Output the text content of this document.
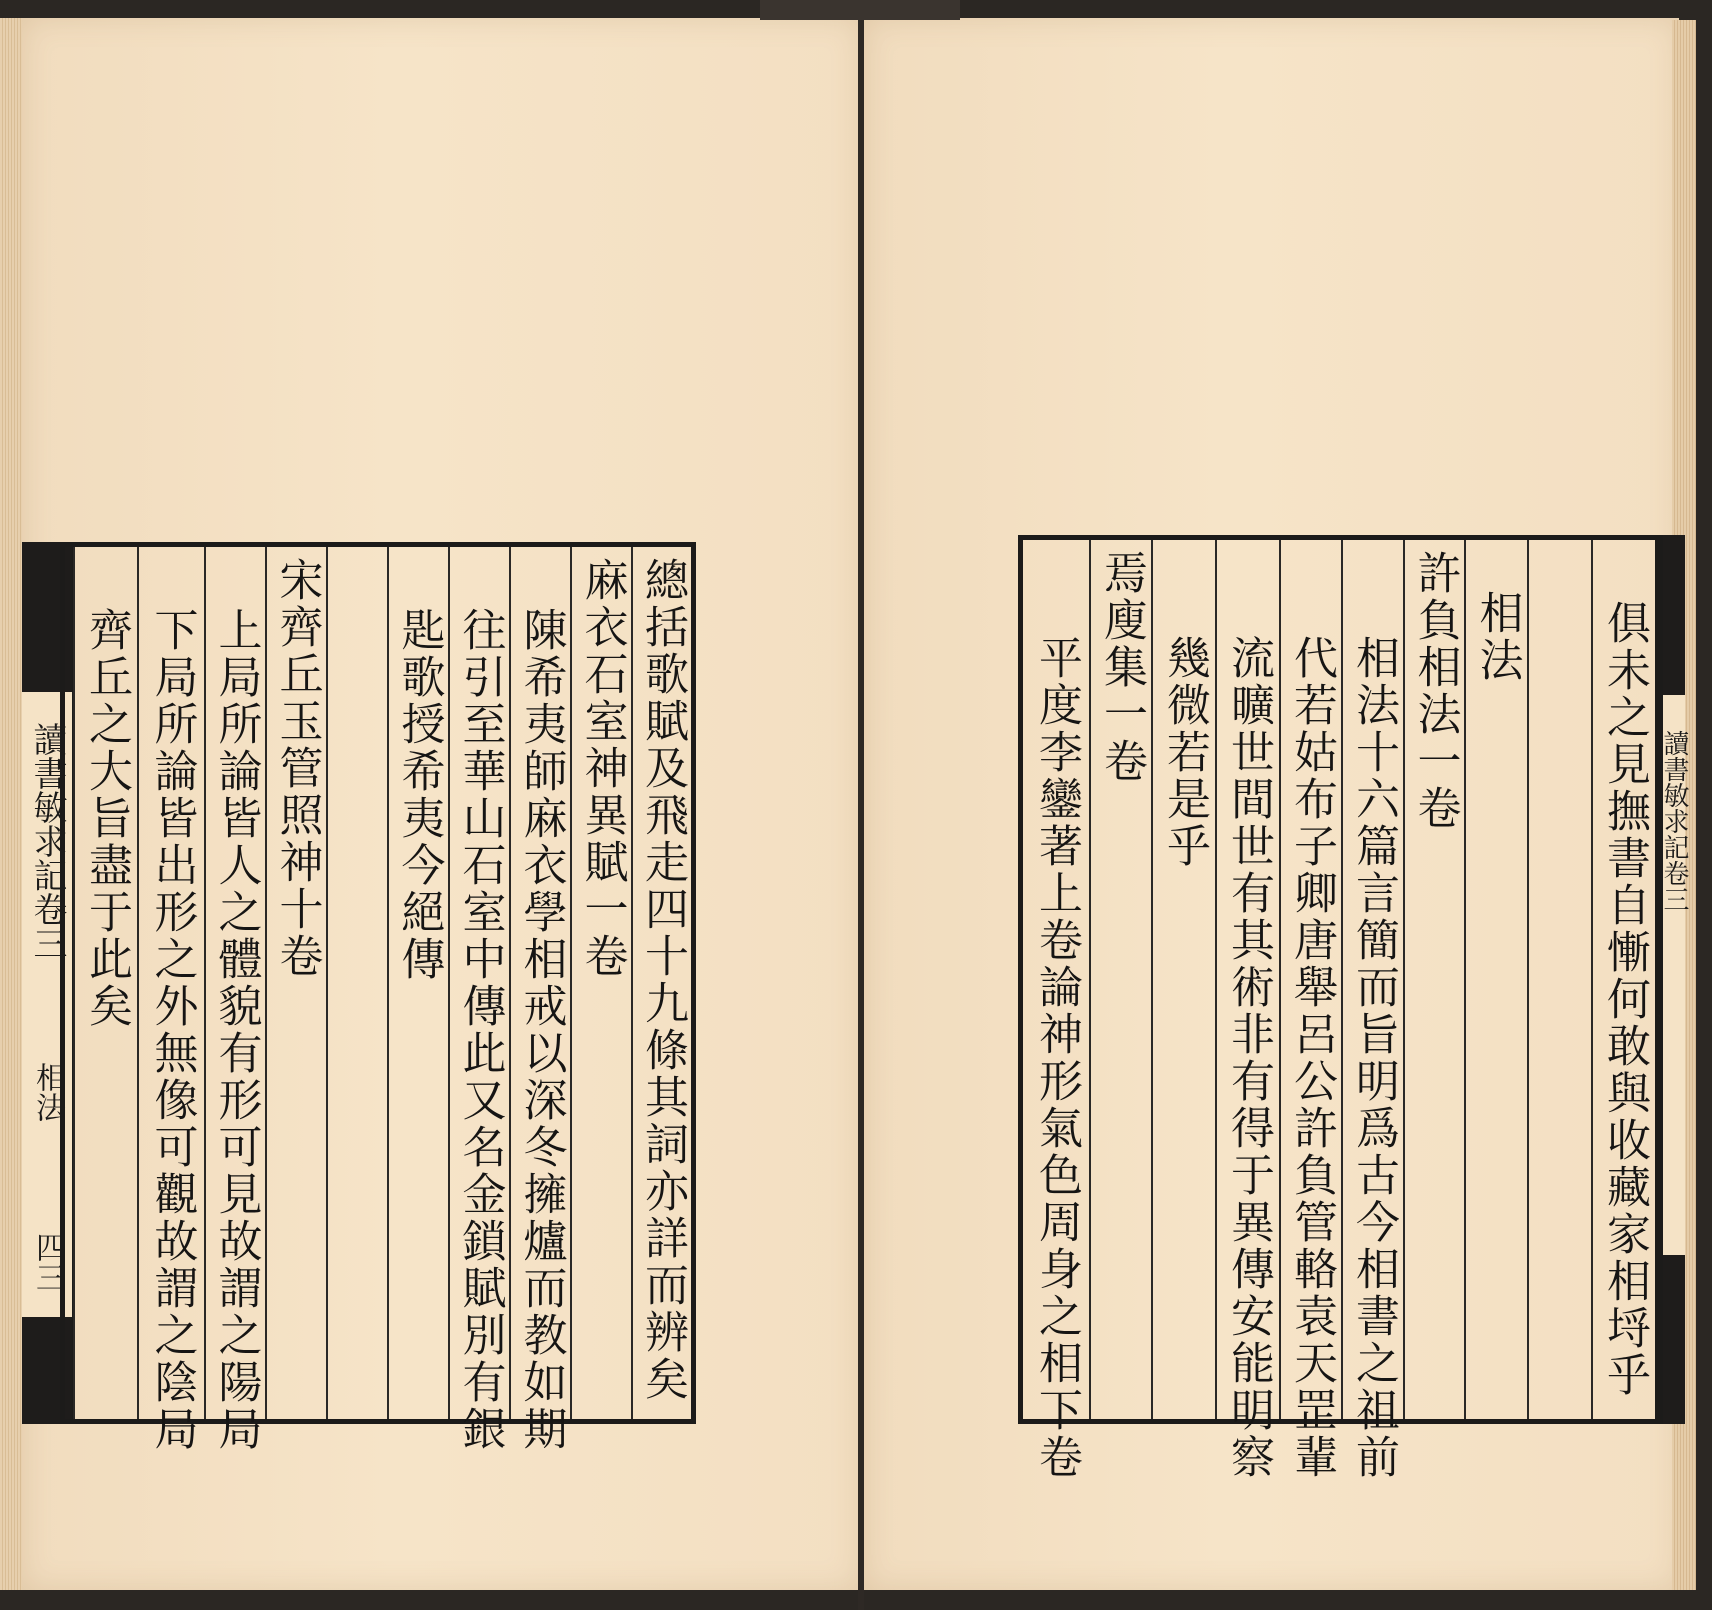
讀書敏求記卷三
相法
四三	總括歌賦及飛走四十九條其詞亦詳而辨矣
麻衣石室神異賦一卷
陳希夷師麻衣學相戒以深冬擁爐而教如期
往引至華山石室中傳此又名金鎖賦別有銀
匙歌授希夷今絕傳
宋齊丘玉管照神十卷
上局所論皆人之體貌有形可見故謂之陽局
下局所論皆出形之外無像可觀故謂之陰局
齊丘之大旨盡于此矣	俱未之見撫書自慚何敢與收藏家相埒乎
相法
許負相法一卷
相法十六篇言簡而旨明爲古今相書之祖前
代若姑布子卿唐舉呂公許負管輅袁天罡輩
流曠世間世有其術非有得于異傳安能明察
幾微若是乎
焉廋集一卷
平度李鑾著上卷論神形氣色周身之相下卷	讀書敏求記卷三
